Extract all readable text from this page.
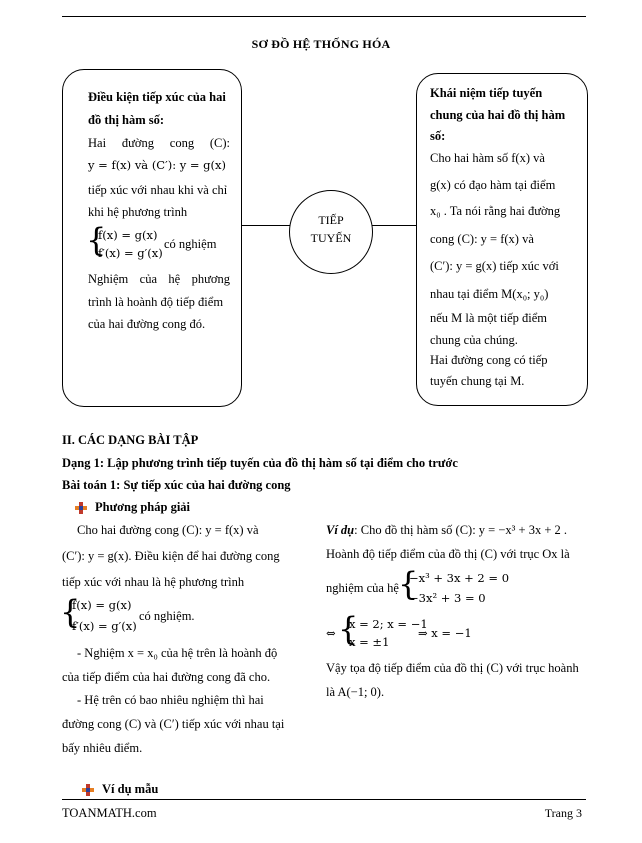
SƠ ĐỒ HỆ THỐNG HÓA
TIẾP
TUYẾN
Điều kiện tiếp xúc của hai
đồ thị hàm số:
Hai đường cong (C):
y = f(x) và (C′): y = g(x)
tiếp xúc với nhau khi và chỉ
khi hệ phương trình
{
f(x) = g(x)
f′(x) = g′(x)
có nghiệm
Nghiệm của hệ phương
trình là hoành độ tiếp điểm
của hai đường cong đó.
Khái niệm tiếp tuyến
chung của hai đồ thị hàm
số:
Cho hai hàm số f(x) và
g(x) có đạo hàm tại điểm
x₀ . Ta nói rằng hai đường
cong (C): y = f(x) và
(C′): y = g(x) tiếp xúc với
nhau tại điểm M(x₀; y₀)
nếu M là một tiếp điểm
chung của chúng.
Hai đường cong có tiếp
tuyến chung tại M.
II. CÁC DẠNG BÀI TẬP
Dạng 1: Lập phương trình tiếp tuyến của đồ thị hàm số tại điểm cho trước
Bài toán 1: Sự tiếp xúc của hai đường cong
Phương pháp giải
Cho hai đường cong (C): y = f(x) và
(C′): y = g(x). Điều kiện để hai đường cong
tiếp xúc với nhau là hệ phương trình
{
f(x) = g(x)
f′(x) = g′(x)
có nghiệm.
- Nghiệm x = x₀ của hệ trên là hoành độ
của tiếp điểm của hai đường cong đã cho.
- Hệ trên có bao nhiêu nghiệm thì hai
đường cong (C) và (C′) tiếp xúc với nhau tại
bấy nhiêu điểm.
Ví dụ: Cho đồ thị hàm số (C): y = −x³ + 3x + 2 .
Hoành độ tiếp điểm của đồ thị (C) với trục Ox là
nghiệm của hệ {
−x³ + 3x + 2 = 0
−3x² + 3 = 0
⇔ {
x = 2; x = −1
x = ±1
⇒ x = −1
Vậy tọa độ tiếp điểm của đồ thị (C) với trục hoành
là A(−1; 0).
Ví dụ mẫu
TOANMATH.com	Trang 3
